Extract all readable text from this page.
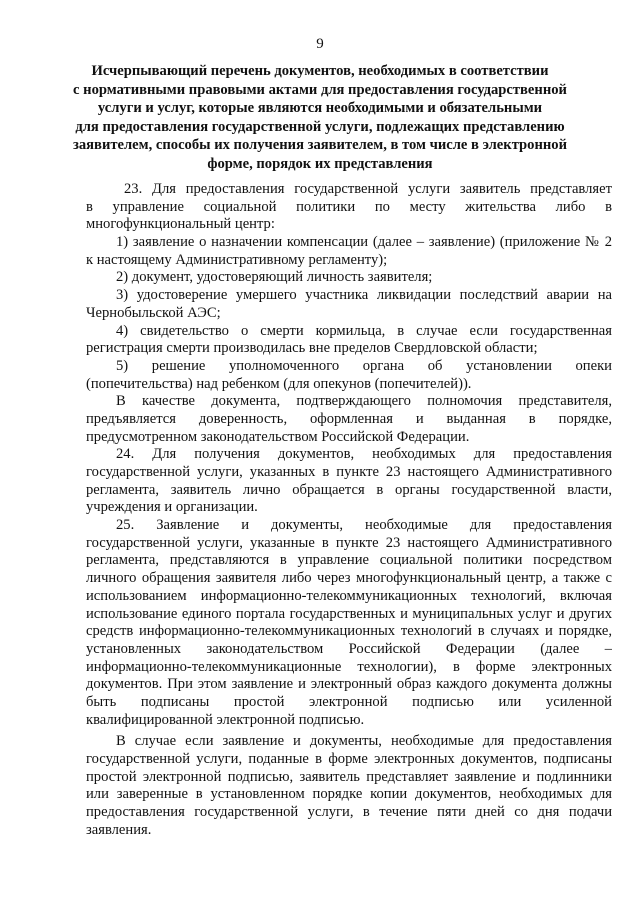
9
Исчерпывающий перечень документов, необходимых в соответствии
с нормативными правовыми актами для предоставления государственной
услуги и услуг, которые являются необходимыми и обязательными
для предоставления государственной услуги, подлежащих представлению
заявителем, способы их получения заявителем, в том числе в электронной
форме, порядок их представления
23. Для предоставления государственной услуги заявитель представляет
в управление социальной политики по месту жительства либо в
многофункциональный центр:
1) заявление о назначении компенсации (далее – заявление) (приложение № 2
к настоящему Административному регламенту);
2) документ, удостоверяющий личность заявителя;
3) удостоверение умершего участника ликвидации последствий аварии на
Чернобыльской АЭС;
4) свидетельство о смерти кормильца, в случае если государственная
регистрация смерти производилась вне пределов Свердловской области;
5) решение уполномоченного органа об установлении опеки
(попечительства) над ребенком (для опекунов (попечителей)).
В качестве документа, подтверждающего полномочия представителя,
предъявляется доверенность, оформленная и выданная в порядке,
предусмотренном законодательством Российской Федерации.
24. Для получения документов, необходимых для предоставления
государственной услуги, указанных в пункте 23 настоящего Административного
регламента, заявитель лично обращается в органы государственной власти,
учреждения и организации.
25. Заявление и документы, необходимые для предоставления
государственной услуги, указанные в пункте 23 настоящего Административного
регламента, представляются в управление социальной политики посредством
личного обращения заявителя либо через многофункциональный центр, а также с
использованием информационно-телекоммуникационных технологий, включая
использование единого портала государственных и муниципальных услуг и других
средств информационно-телекоммуникационных технологий в случаях и порядке,
установленных законодательством Российской Федерации (далее –
информационно-телекоммуникационные технологии), в форме электронных
документов. При этом заявление и электронный образ каждого документа должны
быть подписаны простой электронной подписью или усиленной
квалифицированной электронной подписью.
В случае если заявление и документы, необходимые для предоставления
государственной услуги, поданные в форме электронных документов, подписаны
простой электронной подписью, заявитель представляет заявление и подлинники
или заверенные в установленном порядке копии документов, необходимых для
предоставления государственной услуги, в течение пяти дней со дня подачи
заявления.
